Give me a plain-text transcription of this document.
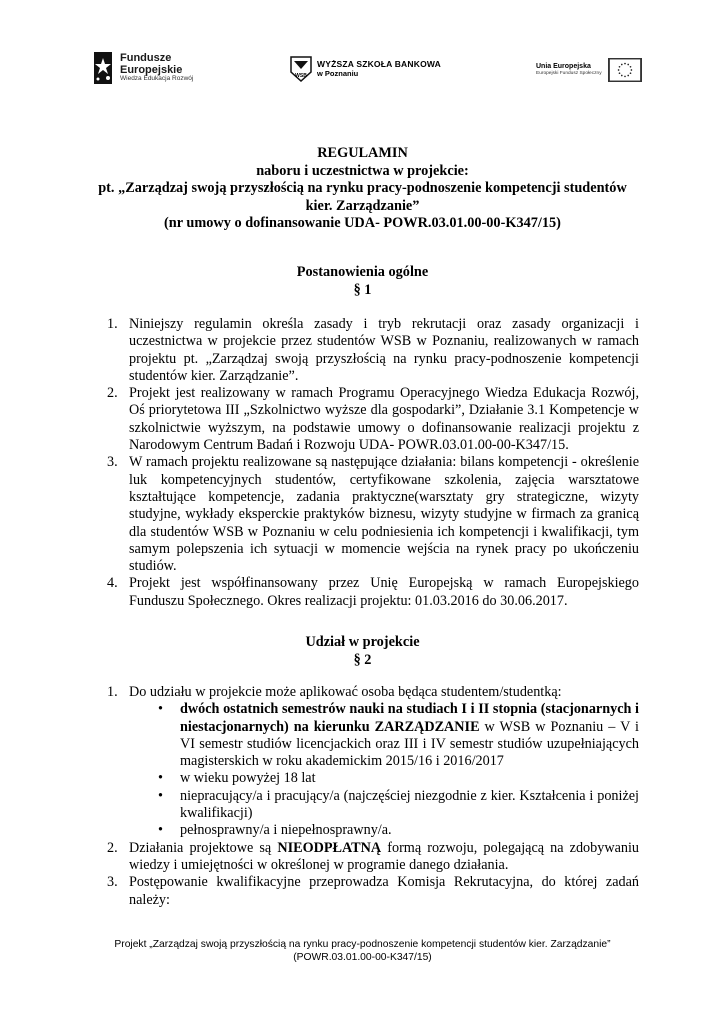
Fundusze
Europejskie
Wiedza Edukacja Rozwój	WSB
WYŻSZA SZKOŁA BANKOWA
w Poznaniu
Unia Europejska
Europejski Fundusz Społeczny
REGULAMIN
naboru i uczestnictwa w projekcie:
pt. „Zarządzaj swoją przyszłością na rynku pracy-podnoszenie kompetencji studentów
kier. Zarządzanie”
(nr umowy o dofinansowanie UDA- POWR.03.01.00-00-K347/15)
Postanowienia ogólne
§ 1
1. Niniejszy regulamin określa zasady i tryb rekrutacji oraz zasady organizacji i uczestnictwa w projekcie przez studentów WSB w Poznaniu, realizowanych w ramach projektu pt. „Zarządzaj swoją przyszłością na rynku pracy-podnoszenie kompetencji studentów kier. Zarządzanie”.
2. Projekt jest realizowany w ramach Programu Operacyjnego Wiedza Edukacja Rozwój, Oś priorytetowa III „Szkolnictwo wyższe dla gospodarki”, Działanie 3.1 Kompetencje w szkolnictwie wyższym, na podstawie umowy o dofinansowanie realizacji projektu z Narodowym Centrum Badań i Rozwoju UDA- POWR.03.01.00-00-K347/15.
3. W ramach projektu realizowane są następujące działania: bilans kompetencji - określenie luk kompetencyjnych studentów, certyfikowane szkolenia, zajęcia warsztatowe kształtujące kompetencje, zadania praktyczne(warsztaty gry strategiczne, wizyty studyjne, wykłady eksperckie praktyków biznesu, wizyty studyjne w firmach za granicą dla studentów WSB w Poznaniu w celu podniesienia ich kompetencji i kwalifikacji, tym samym polepszenia ich sytuacji w momencie wejścia na rynek pracy po ukończeniu studiów.
4. Projekt jest współfinansowany przez Unię Europejską w ramach Europejskiego Funduszu Społecznego. Okres realizacji projektu: 01.03.2016 do 30.06.2017.
Udział w projekcie
§ 2
1. Do udziału w projekcie może aplikować osoba będąca studentem/studentką:
• dwóch ostatnich semestrów nauki na studiach I i II stopnia (stacjonarnych i niestacjonarnych) na kierunku ZARZĄDZANIE w WSB w Poznaniu – V i VI semestr studiów licencjackich oraz III i IV semestr studiów uzupełniających magisterskich w roku akademickim 2015/16 i 2016/2017
• w wieku powyżej 18 lat
• niepracujący/a i pracujący/a (najczęściej niezgodnie z kier. Kształcenia i poniżej kwalifikacji)
• pełnosprawny/a i niepełnosprawny/a.
2. Działania projektowe są NIEODPŁATNĄ formą rozwoju, polegającą na zdobywaniu wiedzy i umiejętności w określonej w programie danego działania.
3. Postępowanie kwalifikacyjne przeprowadza Komisja Rekrutacyjna, do której zadań należy:
Projekt „Zarządzaj swoją przyszłością na rynku pracy-podnoszenie kompetencji studentów kier. Zarządzanie”
(POWR.03.01.00-00-K347/15)
